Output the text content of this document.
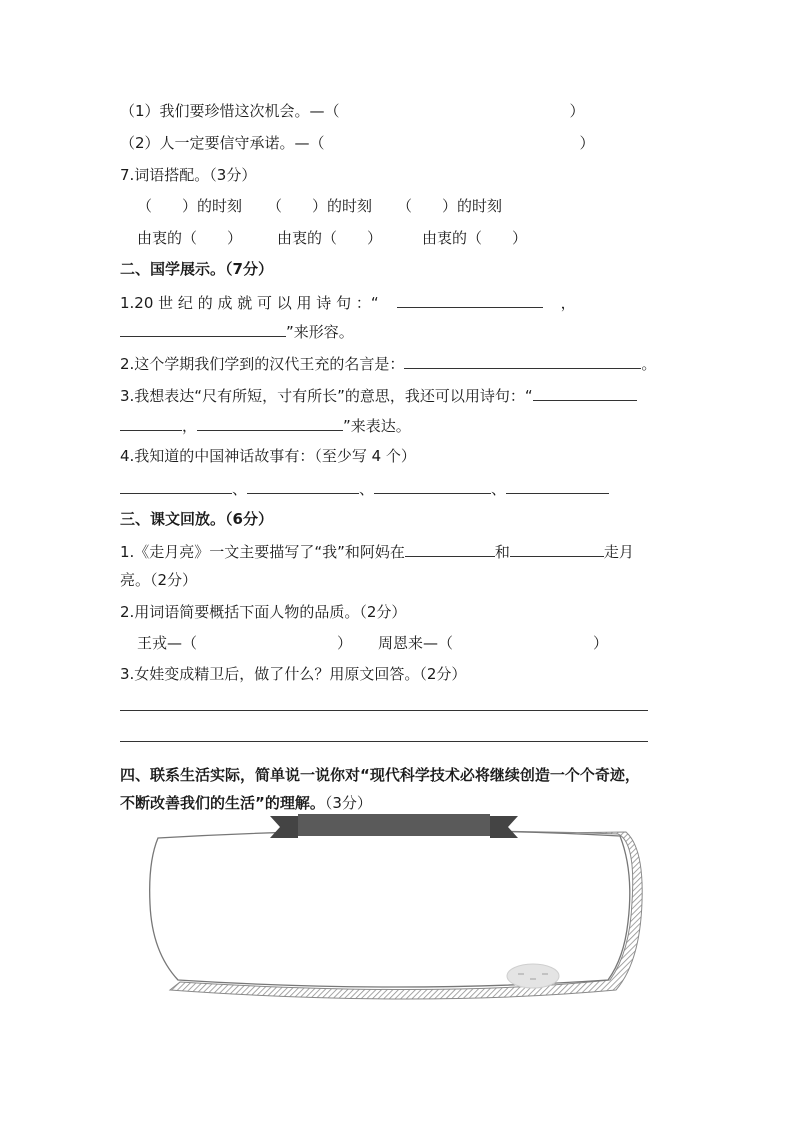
（1）我们要珍惜这次机会。—（	）
（2）人一定要信守承诺。—（	）
7.词语搭配。（3分）
（　　）的时刻 （　　）的时刻 （　　）的时刻
由衷的（　　） 由衷的（　　）	由衷的（　　）
二、国学展示。（7分）
1.20 世 纪 的 成 就 可 以 用 诗 句 ：“	，
”来形容。
2.这个学期我们学到的汉代王充的名言是：	。
3.我想表达“尺有所短，寸有所长”的意思，我还可以用诗句：“
，	”来表达。
4.我知道的中国神话故事有：（至少写 4 个）
、	、	、
三、课文回放。（6分）
1.《走月亮》一文主要描写了“我”和阿妈在	和	走月
亮。（2分）
2.用词语简要概括下面人物的品质。（2分）
王戎—（	） 周恩来—（	）
3.女娃变成精卫后，做了什么？用原文回答。（2分）
四、联系生活实际，简单说一说你对“现代科学技术必将继续创造一个个奇迹，
不断改善我们的生活”的理解。（3分）
